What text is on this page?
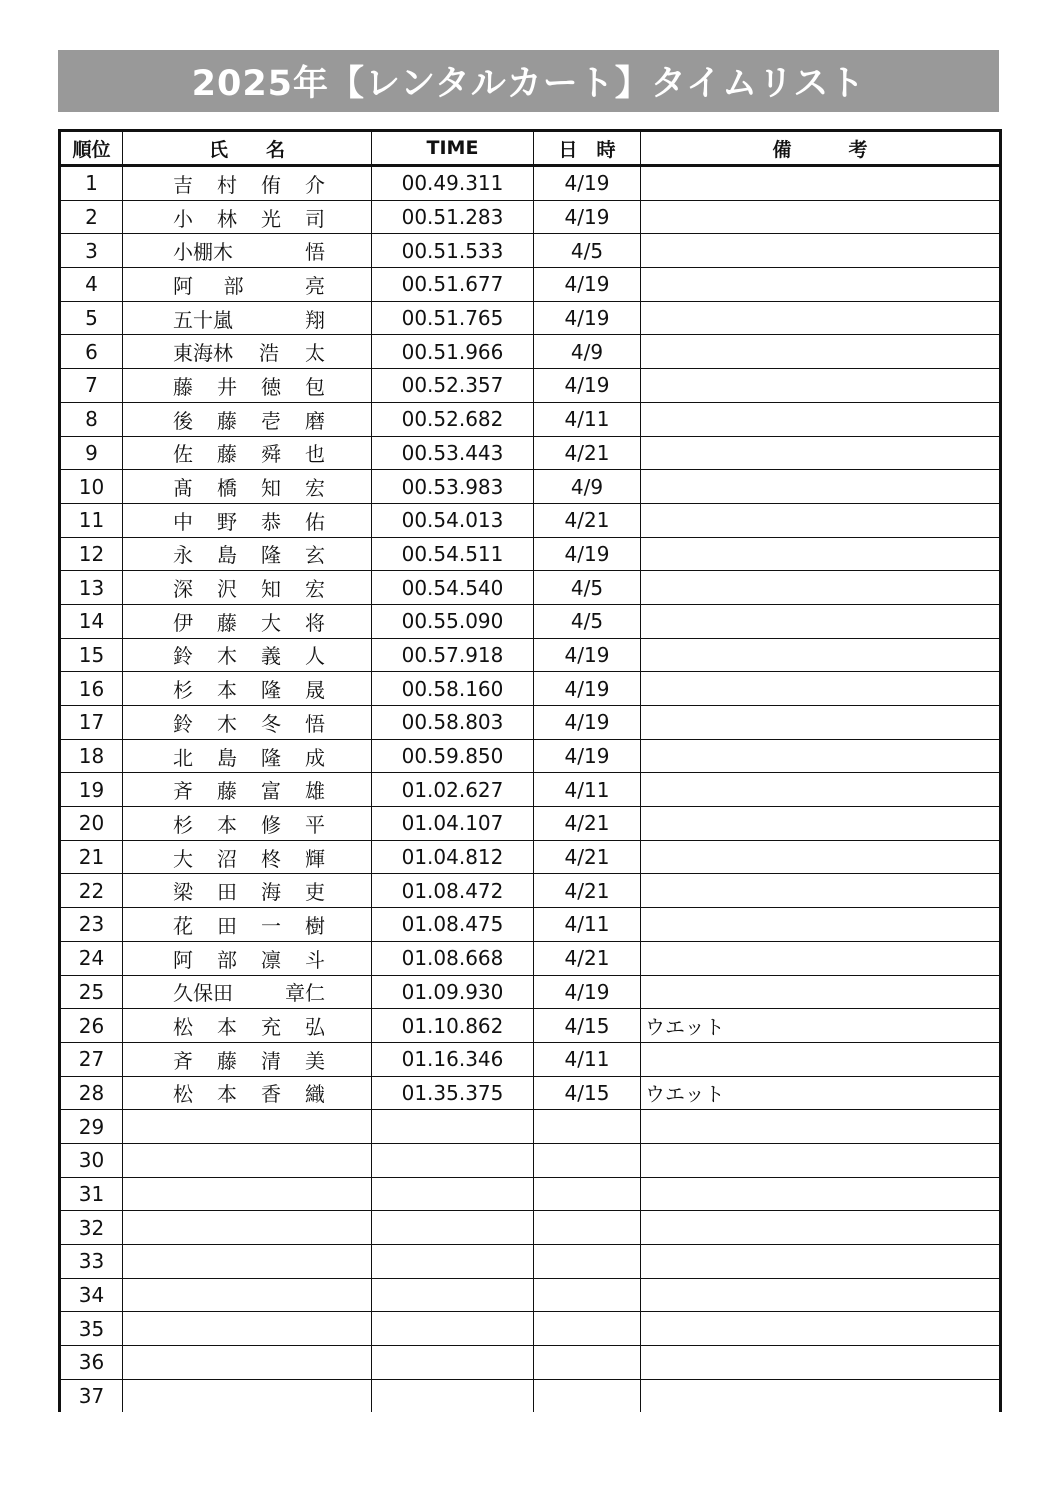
2025年【レンタルカート】タイムリスト
順位	氏　　名	TIME	日　時	備　　　考
1	吉 村 侑 介	00.49.311	4/19	
2	小 林 光 司	00.51.283	4/19	
3	小棚木 悟	00.51.533	4/5	
4	阿 部 亮	00.51.677	4/19	
5	五十嵐 翔	00.51.765	4/19	
6	東海林 浩 太	00.51.966	4/9	
7	藤 井 徳 包	00.52.357	4/19	
8	後 藤 壱 磨	00.52.682	4/11	
9	佐 藤 舜 也	00.53.443	4/21	
10	髙 橋 知 宏	00.53.983	4/9	
11	中 野 恭 佑	00.54.013	4/21	
12	永 島 隆 玄	00.54.511	4/19	
13	深 沢 知 宏	00.54.540	4/5	
14	伊 藤 大 将	00.55.090	4/5	
15	鈴 木 義 人	00.57.918	4/19	
16	杉 本 隆 晟	00.58.160	4/19	
17	鈴 木 冬 悟	00.58.803	4/19	
18	北 島 隆 成	00.59.850	4/19	
19	斉 藤 富 雄	01.02.627	4/11	
20	杉 本 修 平	01.04.107	4/21	
21	大 沼 柊 輝	01.04.812	4/21	
22	梁 田 海 吏	01.08.472	4/21	
23	花 田 一 樹	01.08.475	4/11	
24	阿 部 凛 斗	01.08.668	4/21	
25	久保田 章仁	01.09.930	4/19	
26	松 本 充 弘	01.10.862	4/15	ウエット
27	斉 藤 清 美	01.16.346	4/11	
28	松 本 香 織	01.35.375	4/15	ウエット
29	

30	

31	

32	

33	

34	

35	

36	

37	
